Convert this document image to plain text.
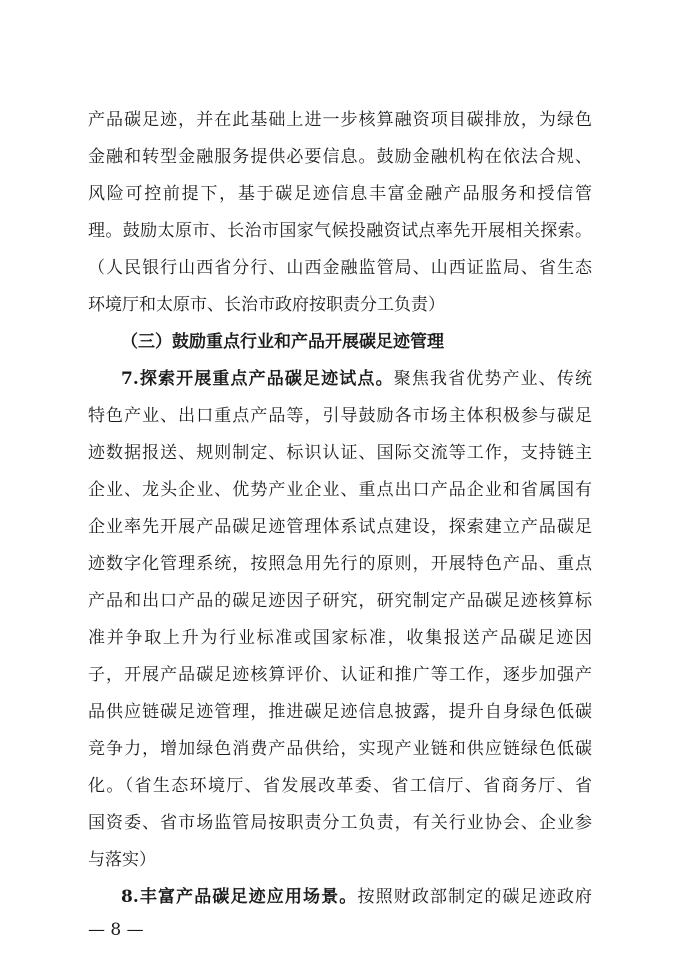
产品碳足迹，并在此基础上进一步核算融资项目碳排放，为绿色
金融和转型金融服务提供必要信息。鼓励金融机构在依法合规、
风险可控前提下，基于碳足迹信息丰富金融产品服务和授信管
理。鼓励太原市、长治市国家气候投融资试点率先开展相关探索。
（人民银行山西省分行、山西金融监管局、山西证监局、省生态
环境厅和太原市、长治市政府按职责分工负责）
（三）鼓励重点行业和产品开展碳足迹管理
7.探索开展重点产品碳足迹试点。聚焦我省优势产业、传统
特色产业、出口重点产品等，引导鼓励各市场主体积极参与碳足
迹数据报送、规则制定、标识认证、国际交流等工作，支持链主
企业、龙头企业、优势产业企业、重点出口产品企业和省属国有
企业率先开展产品碳足迹管理体系试点建设，探索建立产品碳足
迹数字化管理系统，按照急用先行的原则，开展特色产品、重点
产品和出口产品的碳足迹因子研究，研究制定产品碳足迹核算标
准并争取上升为行业标准或国家标准，收集报送产品碳足迹因
子，开展产品碳足迹核算评价、认证和推广等工作，逐步加强产
品供应链碳足迹管理，推进碳足迹信息披露，提升自身绿色低碳
竞争力，增加绿色消费产品供给，实现产业链和供应链绿色低碳
化。（省生态环境厅、省发展改革委、省工信厅、省商务厅、省
国资委、省市场监管局按职责分工负责，有关行业协会、企业参
与落实）
8.丰富产品碳足迹应用场景。按照财政部制定的碳足迹政府
— 8 —
